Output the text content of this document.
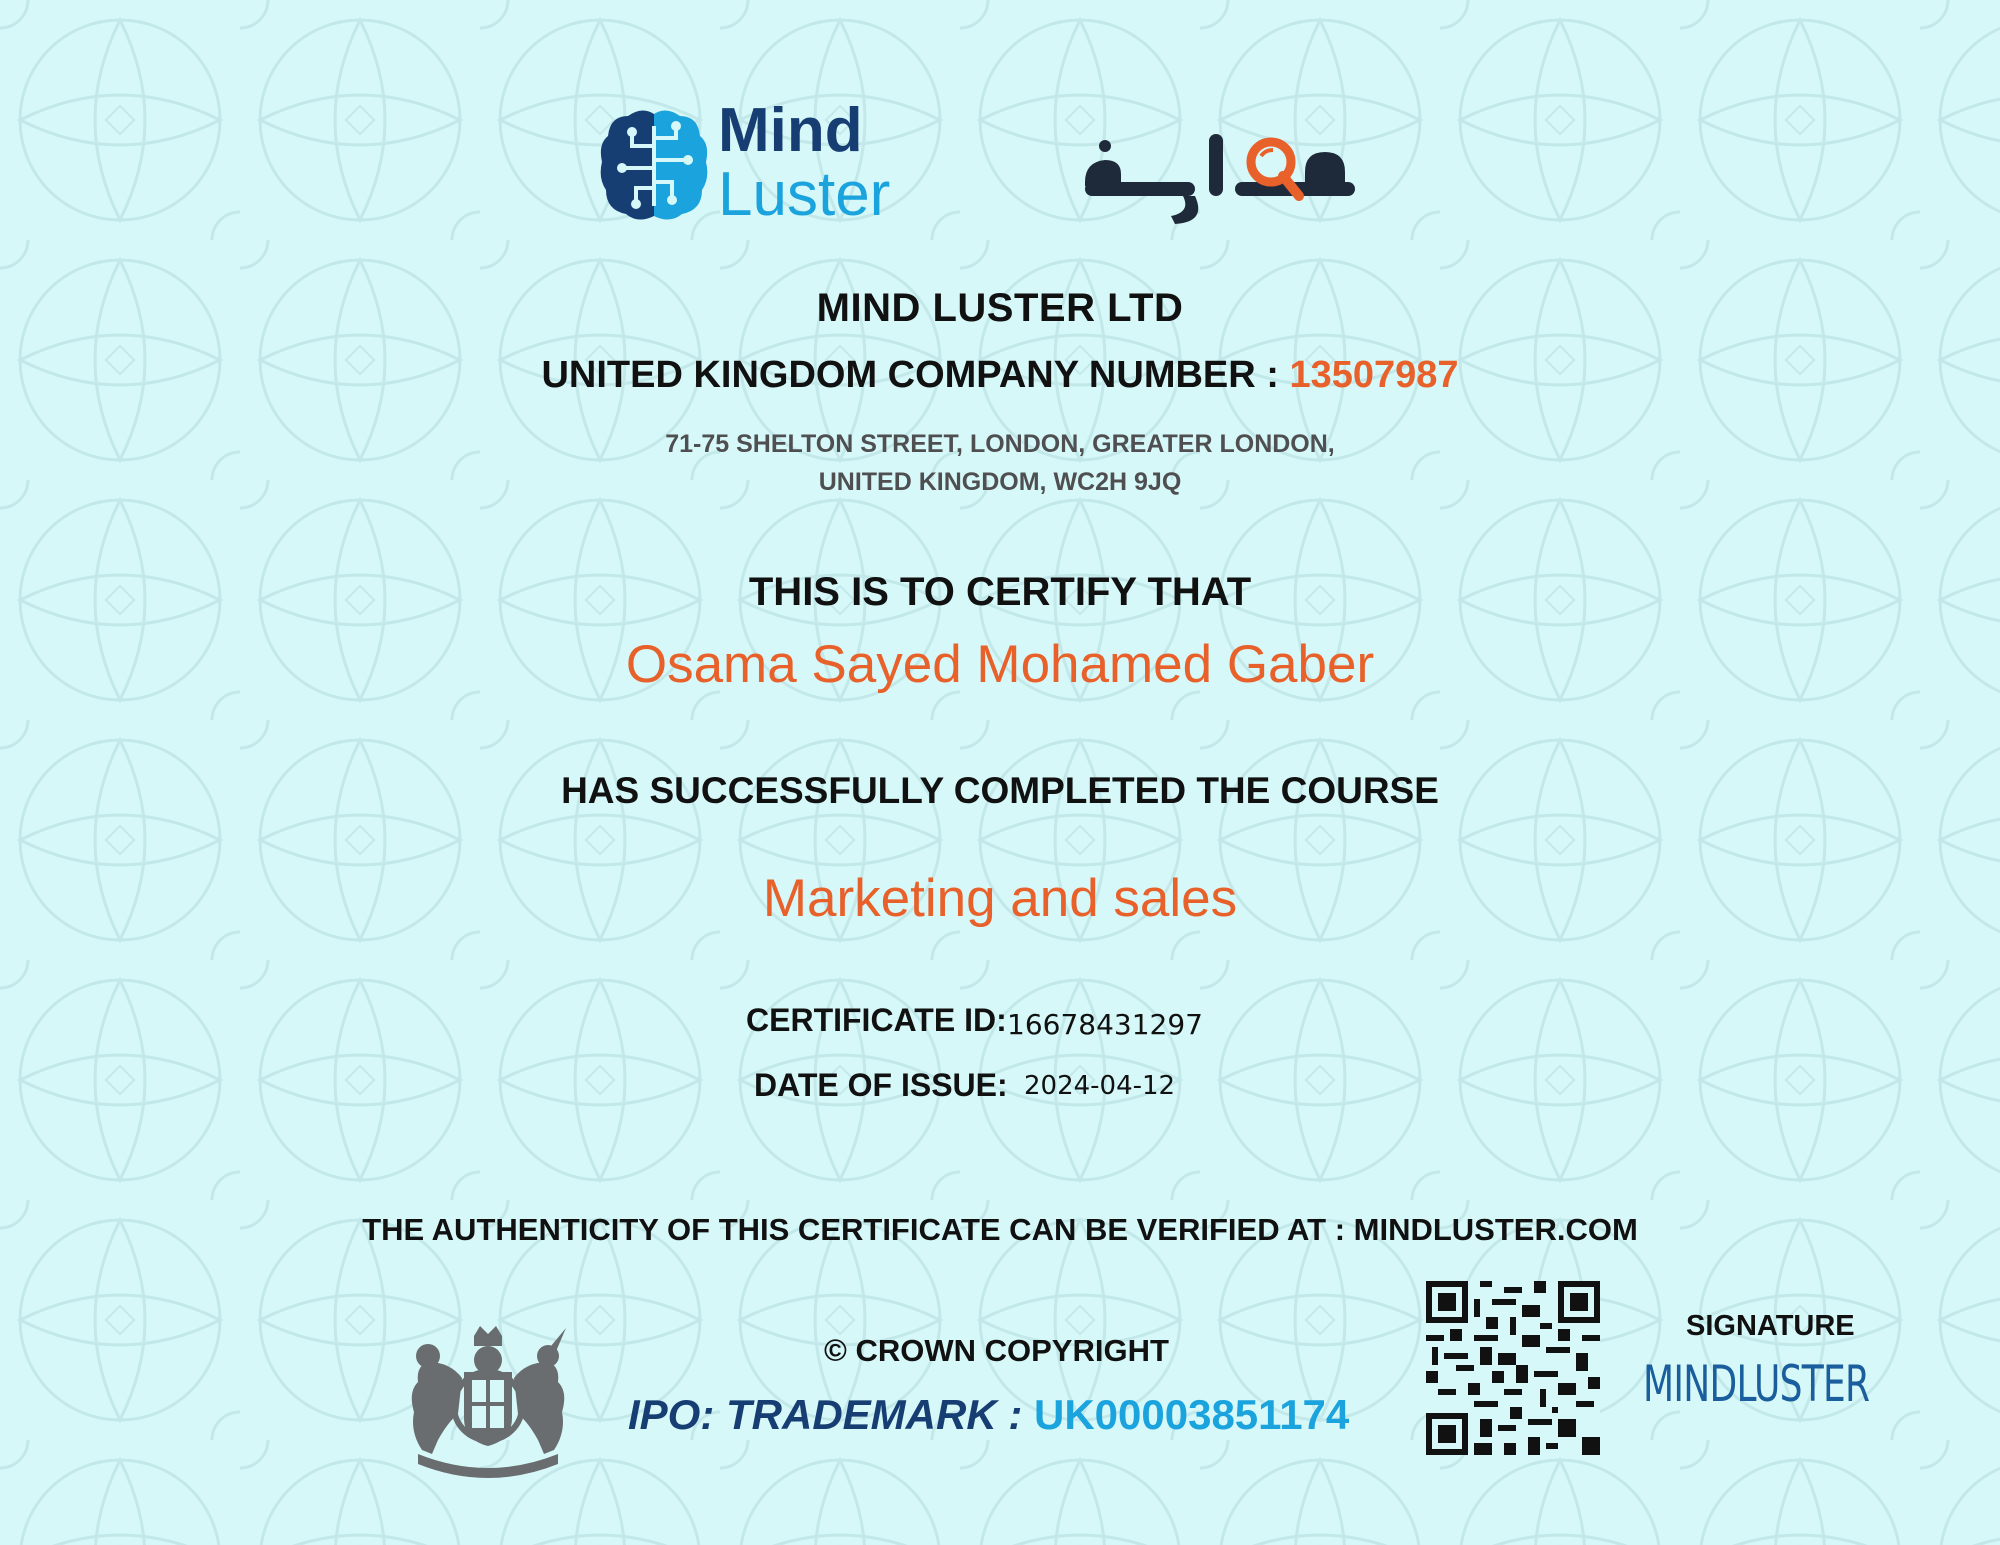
Mind
Luster
MIND LUSTER LTD
UNITED KINGDOM COMPANY NUMBER : 13507987
71-75 SHELTON STREET, LONDON, GREATER LONDON,
UNITED KINGDOM, WC2H 9JQ
THIS IS TO CERTIFY THAT
Osama Sayed Mohamed Gaber
HAS SUCCESSFULLY COMPLETED THE COURSE
Marketing and sales
CERTIFICATE ID: 16678431297
DATE OF ISSUE: 2024-04-12
THE AUTHENTICITY OF THIS CERTIFICATE CAN BE VERIFIED AT : MINDLUSTER.COM
© CROWN COPYRIGHT
IPO: TRADEMARK : UK00003851174
SIGNATURE
MINDLUSTER
